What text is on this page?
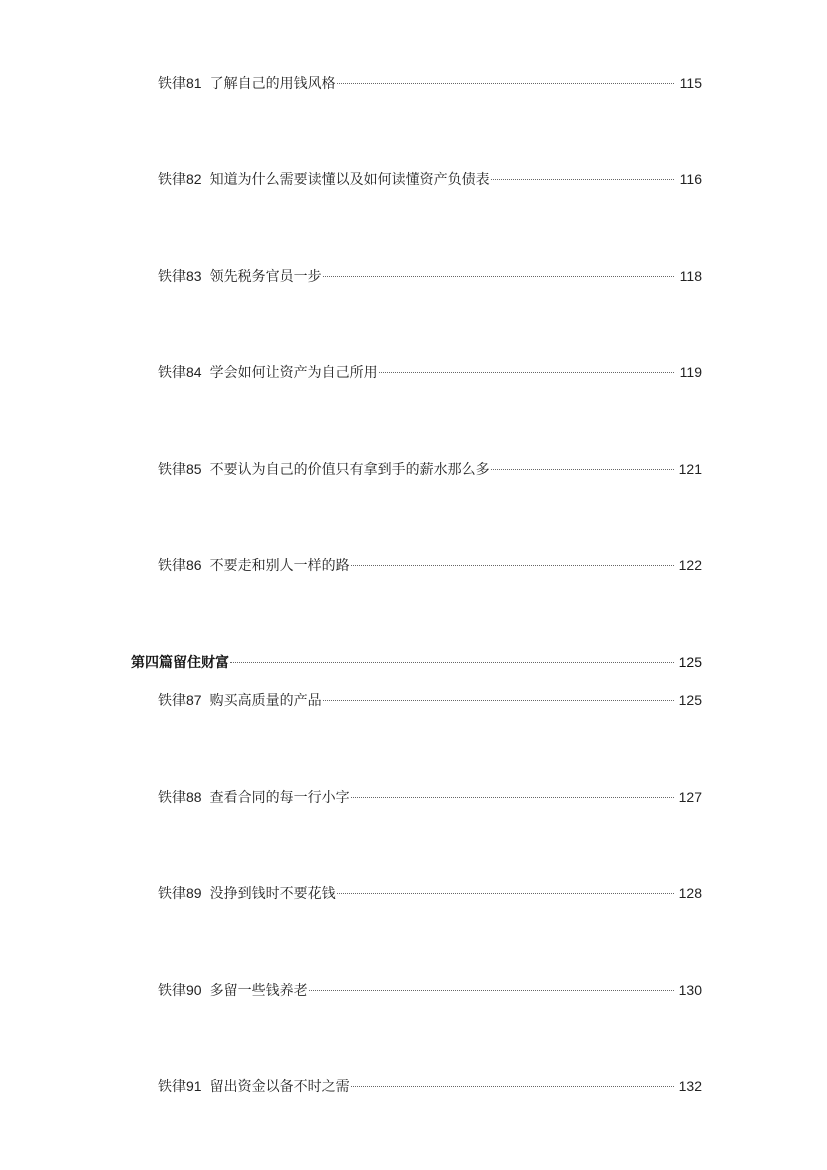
铁律81 了解自己的用钱风格	115
铁律82 知道为什么需要读懂以及如何读懂资产负债表	116
铁律83 领先税务官员一步	118
铁律84 学会如何让资产为自己所用	119
铁律85 不要认为自己的价值只有拿到手的薪水那么多	121
铁律86 不要走和别人一样的路	122
第四篇留住财富	125
铁律87 购买高质量的产品	125
铁律88 查看合同的每一行小字	127
铁律89 没挣到钱时不要花钱	128
铁律90 多留一些钱养老	130
铁律91 留出资金以备不时之需	132
